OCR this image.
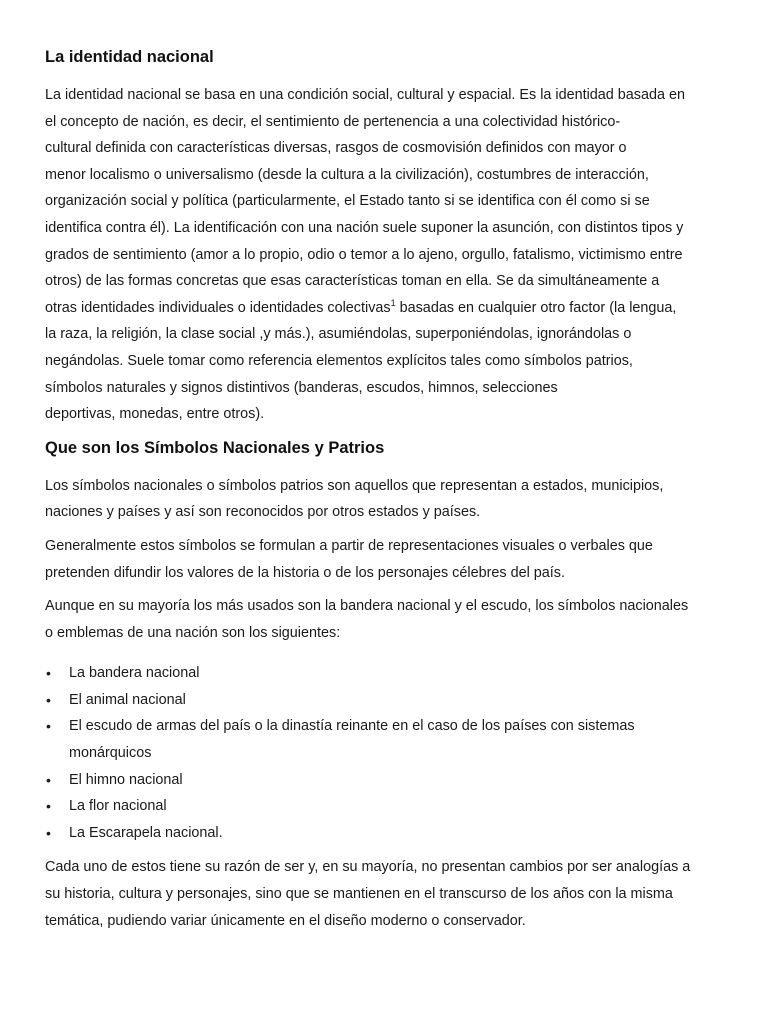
La identidad nacional

La identidad nacional se basa en una condición social, cultural y espacial. Es la identidad basada en
el concepto de nación, es decir, el sentimiento de pertenencia a una colectividad histórico-
cultural definida con características diversas, rasgos de cosmovisión definidos con mayor o
menor localismo o universalismo (desde la cultura a la civilización), costumbres de interacción,
organización social y política (particularmente, el Estado tanto si se identifica con él como si se
identifica contra él). La identificación con una nación suele suponer la asunción, con distintos tipos y
grados de sentimiento (amor a lo propio, odio o temor a lo ajeno, orgullo, fatalismo, victimismo entre
otros) de las formas concretas que esas características toman en ella. Se da simultáneamente a
otras identidades individuales o identidades colectivas$^1$ basadas en cualquier otro factor (la lengua,
la raza, la religión, la clase social ,y más.), asumiéndolas, superponiéndolas, ignorándolas o
negándolas. Suele tomar como referencia elementos explícitos tales como símbolos patrios,
símbolos naturales y signos distintivos (banderas, escudos, himnos, selecciones
deportivas, monedas, entre otros).

Que son los Símbolos Nacionales y Patrios

Los símbolos nacionales o símbolos patrios son aquellos que representan a estados, municipios,
naciones y países y así son reconocidos por otros estados y países.

Generalmente estos símbolos se formulan a partir de representaciones visuales o verbales que
pretenden difundir los valores de la historia o de los personajes célebres del país.

Aunque en su mayoría los más usados son la bandera nacional y el escudo, los símbolos nacionales
o emblemas de una nación son los siguientes:

• La bandera nacional
• El animal nacional
• El escudo de armas del país o la dinastía reinante en el caso de los países con sistemas
monárquicos
• El himno nacional
• La flor nacional
• La Escarapela nacional.

Cada uno de estos tiene su razón de ser y, en su mayoría, no presentan cambios por ser analogías a
su historia, cultura y personajes, sino que se mantienen en el transcurso de los años con la misma
temática, pudiendo variar únicamente en el diseño moderno o conservador.
